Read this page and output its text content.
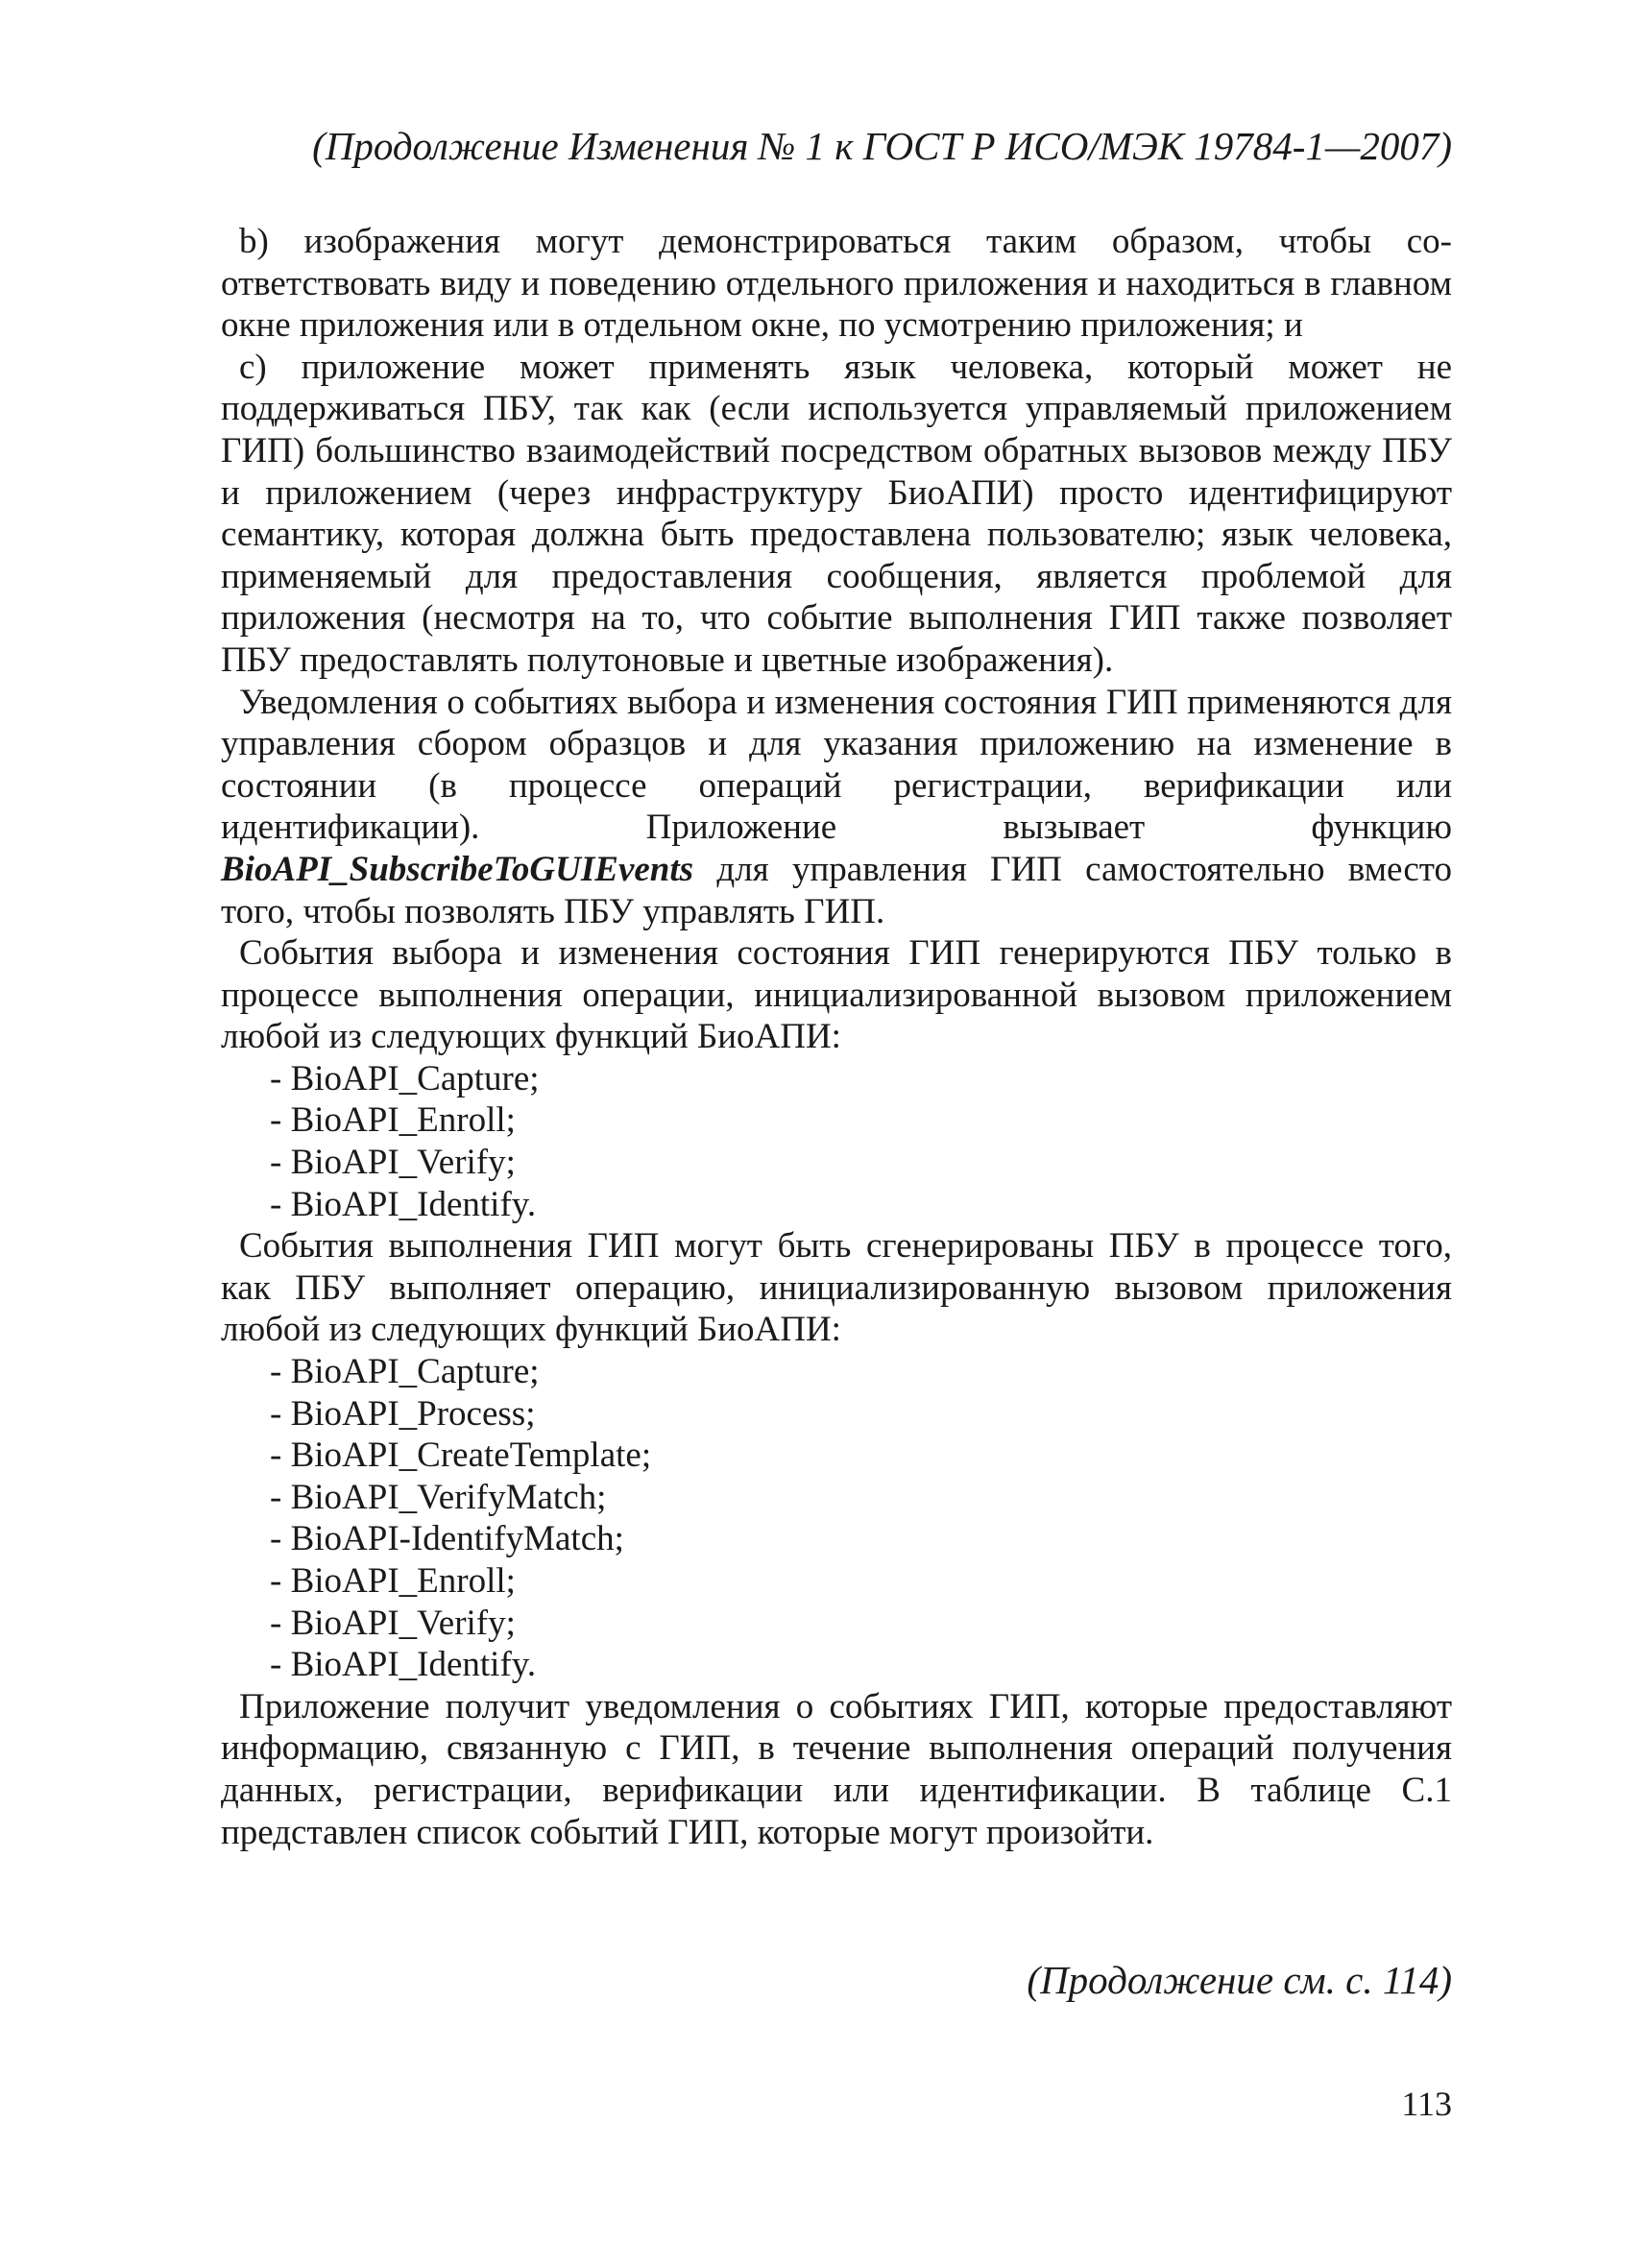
(Продолжение Изменения № 1 к ГОСТ Р ИСО/МЭК 19784-1—2007)

b) изображения могут демонстрироваться таким образом, чтобы соответствовать виду и поведению отдельного приложения и находиться в главном окне приложения или в отдельном окне, по усмотрению приложения; и

c) приложение может применять язык человека, который может не поддерживаться ПБУ, так как (если используется управляемый приложением ГИП) большинство взаимодействий посредством обратных вызовов между ПБУ и приложением (через инфраструктуру БиоАПИ) просто идентифицируют семантику, которая должна быть предоставлена пользователю; язык человека, применяемый для предоставления сообщения, является проблемой для приложения (несмотря на то, что событие выполнения ГИП также позволяет ПБУ предоставлять полутоновые и цветные изображения).

Уведомления о событиях выбора и изменения состояния ГИП применяются для управления сбором образцов и для указания приложению на изменение в состоянии (в процессе операций регистрации, верификации или идентификации). Приложение вызывает функцию BioAPI_SubscribeToGUIEvents для управления ГИП самостоятельно вместо того, чтобы позволять ПБУ управлять ГИП.

События выбора и изменения состояния ГИП генерируются ПБУ только в процессе выполнения операции, инициализированной вызовом приложением любой из следующих функций БиоАПИ:

- BioAPI_Capture;
- BioAPI_Enroll;
- BioAPI_Verify;
- BioAPI_Identify.

События выполнения ГИП могут быть сгенерированы ПБУ в процессе того, как ПБУ выполняет операцию, инициализированную вызовом приложения любой из следующих функций БиоАПИ:

- BioAPI_Capture;
- BioAPI_Process;
- BioAPI_CreateTemplate;
- BioAPI_VerifyMatch;
- BioAPI-IdentifyMatch;
- BioAPI_Enroll;
- BioAPI_Verify;
- BioAPI_Identify.

Приложение получит уведомления о событиях ГИП, которые предоставляют информацию, связанную с ГИП, в течение выполнения операций получения данных, регистрации, верификации или идентификации. В таблице С.1 представлен список событий ГИП, которые могут произойти.

(Продолжение см. с. 114)
113
